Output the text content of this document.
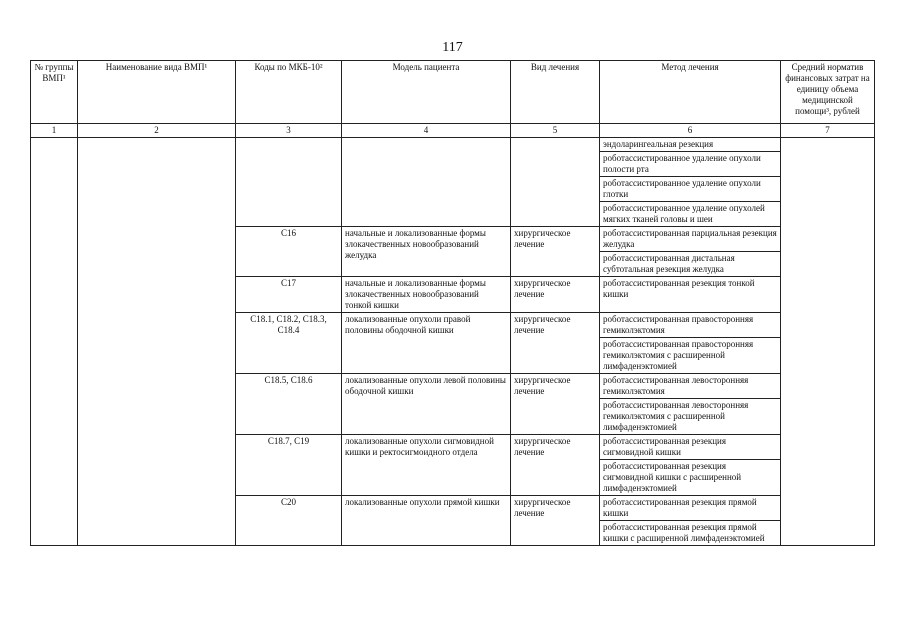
117
№ группы ВМП¹	Наименование вида ВМП¹	Коды по МКБ-10²	Модель пациента	Вид лечения	Метод лечения	Средний норматив финансовых затрат на единицу объема медицинской помощи³, рублей
1	2	3	4	5	6	7
					эндоларингеальная резекция	
					роботассистированное удаление опухоли полости рта	
					роботассистированное удаление опухоли глотки	
					роботассистированное удаление опухолей мягких тканей головы и шеи	
		C16	начальные и локализованные формы злокачественных новообразований желудка	хирургическое лечение	роботассистированная парциальная резекция желудка	
					роботассистированная дистальная субтотальная резекция желудка	
		C17	начальные и локализованные формы злокачественных новообразований тонкой кишки	хирургическое лечение	роботассистированная резекция тонкой кишки	
		C18.1, C18.2, C18.3, C18.4	локализованные опухоли правой половины ободочной кишки	хирургическое лечение	роботассистированная правосторонняя гемиколэктомия	
					роботассистированная правосторонняя гемиколэктомия с расширенной лимфаденэктомией	
		C18.5, C18.6	локализованные опухоли левой половины ободочной кишки	хирургическое лечение	роботассистированная левосторонняя гемиколэктомия	
					роботассистированная левосторонняя гемиколэктомия с расширенной лимфаденэктомией	
		C18.7, C19	локализованные опухоли сигмовидной кишки и ректосигмоидного отдела	хирургическое лечение	роботассистированная резекция сигмовидной кишки	
					роботассистированная резекция сигмовидной кишки с расширенной лимфаденэктомией	
		C20	локализованные опухоли прямой кишки	хирургическое лечение	роботассистированная резекция прямой кишки	
					роботассистированная резекция прямой кишки с расширенной лимфаденэктомией	
